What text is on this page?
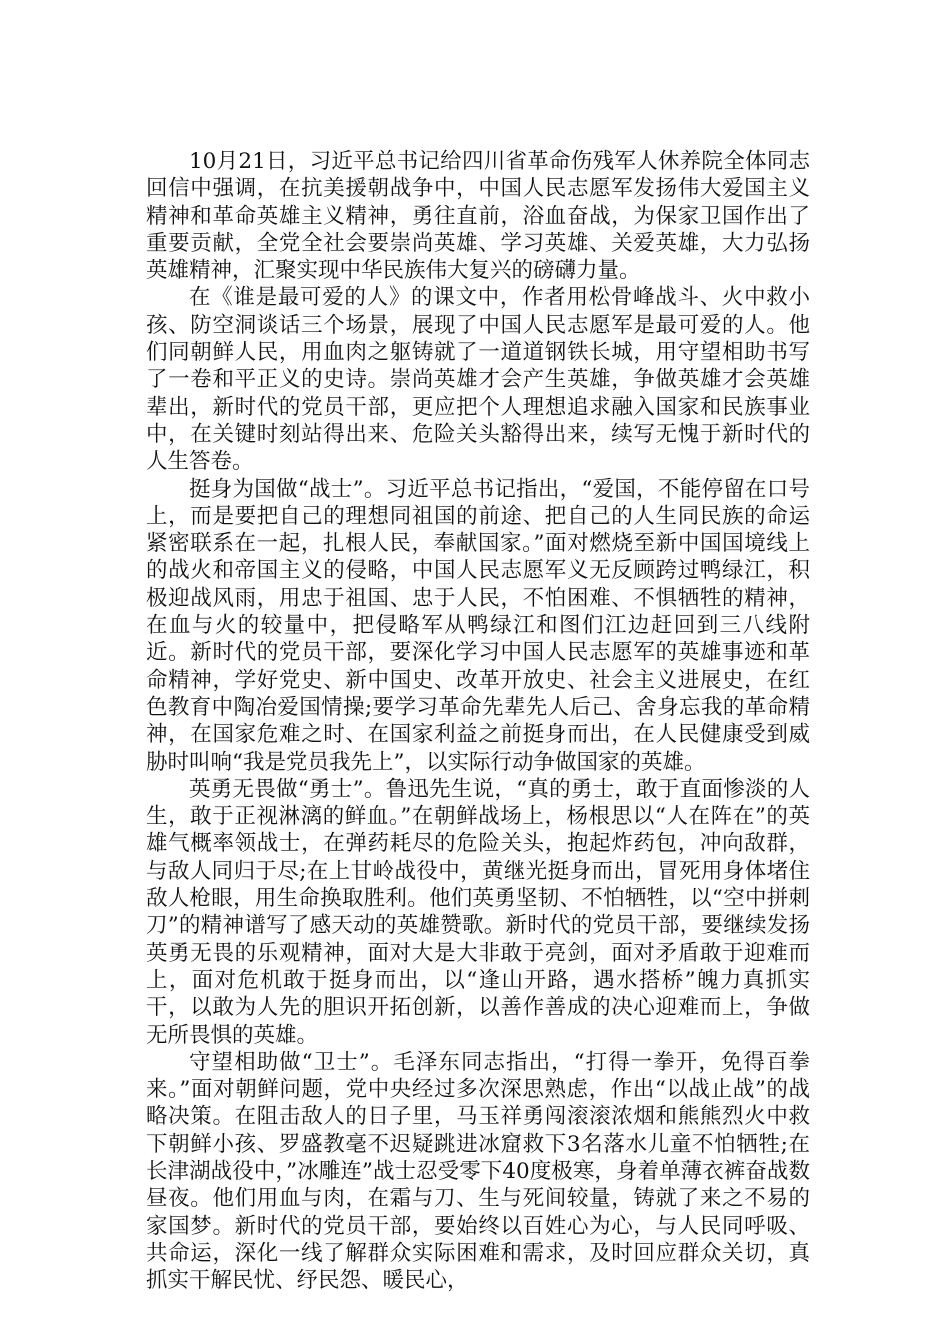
10月21日，习近平总书记给四川省革命伤残军人休养院全体同志回信中强调，在抗美援朝战争中，中国人民志愿军发扬伟大爱国主义精神和革命英雄主义精神，勇往直前，浴血奋战，为保家卫国作出了重要贡献，全党全社会要崇尚英雄、学习英雄、关爱英雄，大力弘扬英雄精神，汇聚实现中华民族伟大复兴的磅礴力量。

在《谁是最可爱的人》的课文中，作者用松骨峰战斗、火中救小孩、防空洞谈话三个场景，展现了中国人民志愿军是最可爱的人。他们同朝鲜人民，用血肉之躯铸就了一道道钢铁长城，用守望相助书写了一卷和平正义的史诗。崇尚英雄才会产生英雄，争做英雄才会英雄辈出，新时代的党员干部，更应把个人理想追求融入国家和民族事业中，在关键时刻站得出来、危险关头豁得出来，续写无愧于新时代的人生答卷。

挺身为国做“战士”。习近平总书记指出，“爱国，不能停留在口号上，而是要把自己的理想同祖国的前途、把自己的人生同民族的命运紧密联系在一起，扎根人民，奉献国家。”面对燃烧至新中国国境线上的战火和帝国主义的侵略，中国人民志愿军义无反顾跨过鸭绿江，积极迎战风雨，用忠于祖国、忠于人民，不怕困难、不惧牺牲的精神，在血与火的较量中，把侵略军从鸭绿江和图们江边赶回到三八线附近。新时代的党员干部，要深化学习中国人民志愿军的英雄事迹和革命精神，学好党史、新中国史、改革开放史、社会主义进展史，在红色教育中陶冶爱国情操;要学习革命先辈先人后己、舍身忘我的革命精神，在国家危难之时、在国家利益之前挺身而出，在人民健康受到威胁时叫响“我是党员我先上”，以实际行动争做国家的英雄。

英勇无畏做“勇士”。鲁迅先生说，“真的勇士，敢于直面惨淡的人生，敢于正视淋漓的鲜血。”在朝鲜战场上，杨根思以“人在阵在”的英雄气概率领战士，在弹药耗尽的危险关头，抱起炸药包，冲向敌群，与敌人同归于尽;在上甘岭战役中，黄继光挺身而出，冒死用身体堵住敌人枪眼，用生命换取胜利。他们英勇坚韧、不怕牺牲，以“空中拼刺刀”的精神谱写了感天动的英雄赞歌。新时代的党员干部，要继续发扬英勇无畏的乐观精神，面对大是大非敢于亮剑，面对矛盾敢于迎难而上，面对危机敢于挺身而出，以“逢山开路，遇水搭桥”魄力真抓实干，以敢为人先的胆识开拓创新，以善作善成的决心迎难而上，争做无所畏惧的英雄。

守望相助做“卫士”。毛泽东同志指出，“打得一拳开，免得百拳来。”面对朝鲜问题，党中央经过多次深思熟虑，作出“以战止战”的战略决策。在阻击敌人的日子里，马玉祥勇闯滚滚浓烟和熊熊烈火中救下朝鲜小孩、罗盛教毫不迟疑跳进冰窟救下3名落水儿童不怕牺牲;在长津湖战役中，”冰雕连”战士忍受零下40度极寒，身着单薄衣裤奋战数昼夜。他们用血与肉，在霜与刀、生与死间较量，铸就了来之不易的家国梦。新时代的党员干部，要始终以百姓心为心，与人民同呼吸、共命运，深化一线了解群众实际困难和需求，及时回应群众关切，真抓实干解民忧、纾民怨、暖民心，
